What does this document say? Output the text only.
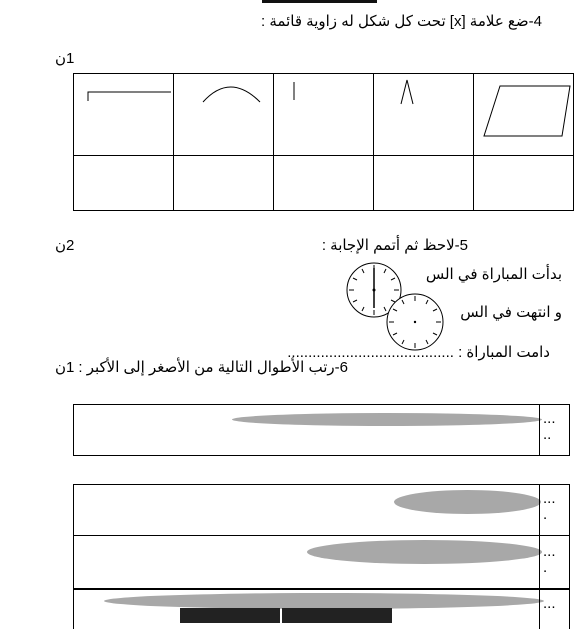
4-ضع علامة [x] تحت كل شكل له زاوية قائمة :
1ن

5-لاحظ ثم أتمم الإجابة :
2ن
بدأت المباراة في الس
و انتهت في الس
دامت المباراة : ........................................
6-رتب الأطوال التالية من الأصغر إلى الأكبر :
1ن
...
..
...
.
...
.
...
